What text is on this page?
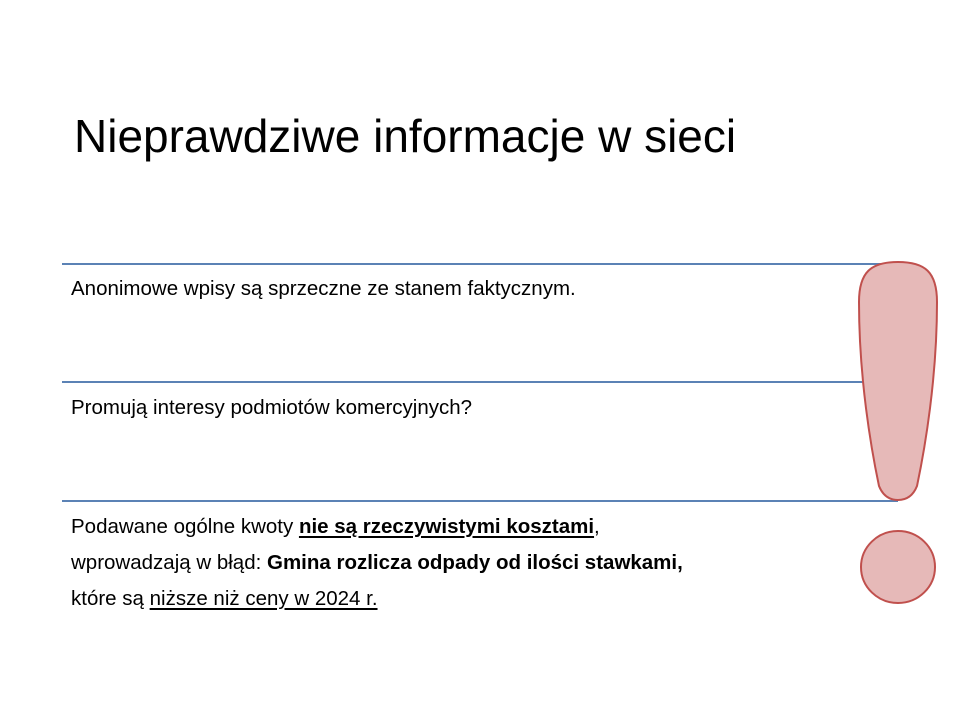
Nieprawdziwe informacje w sieci

Anonimowe wpisy są sprzeczne ze stanem faktycznym.

Promują interesy podmiotów komercyjnych?

Podawane ogólne kwoty nie są rzeczywistymi kosztami,
wprowadzają w błąd: Gmina rozlicza odpady od ilości stawkami,
które są niższe niż ceny w 2024 r.
